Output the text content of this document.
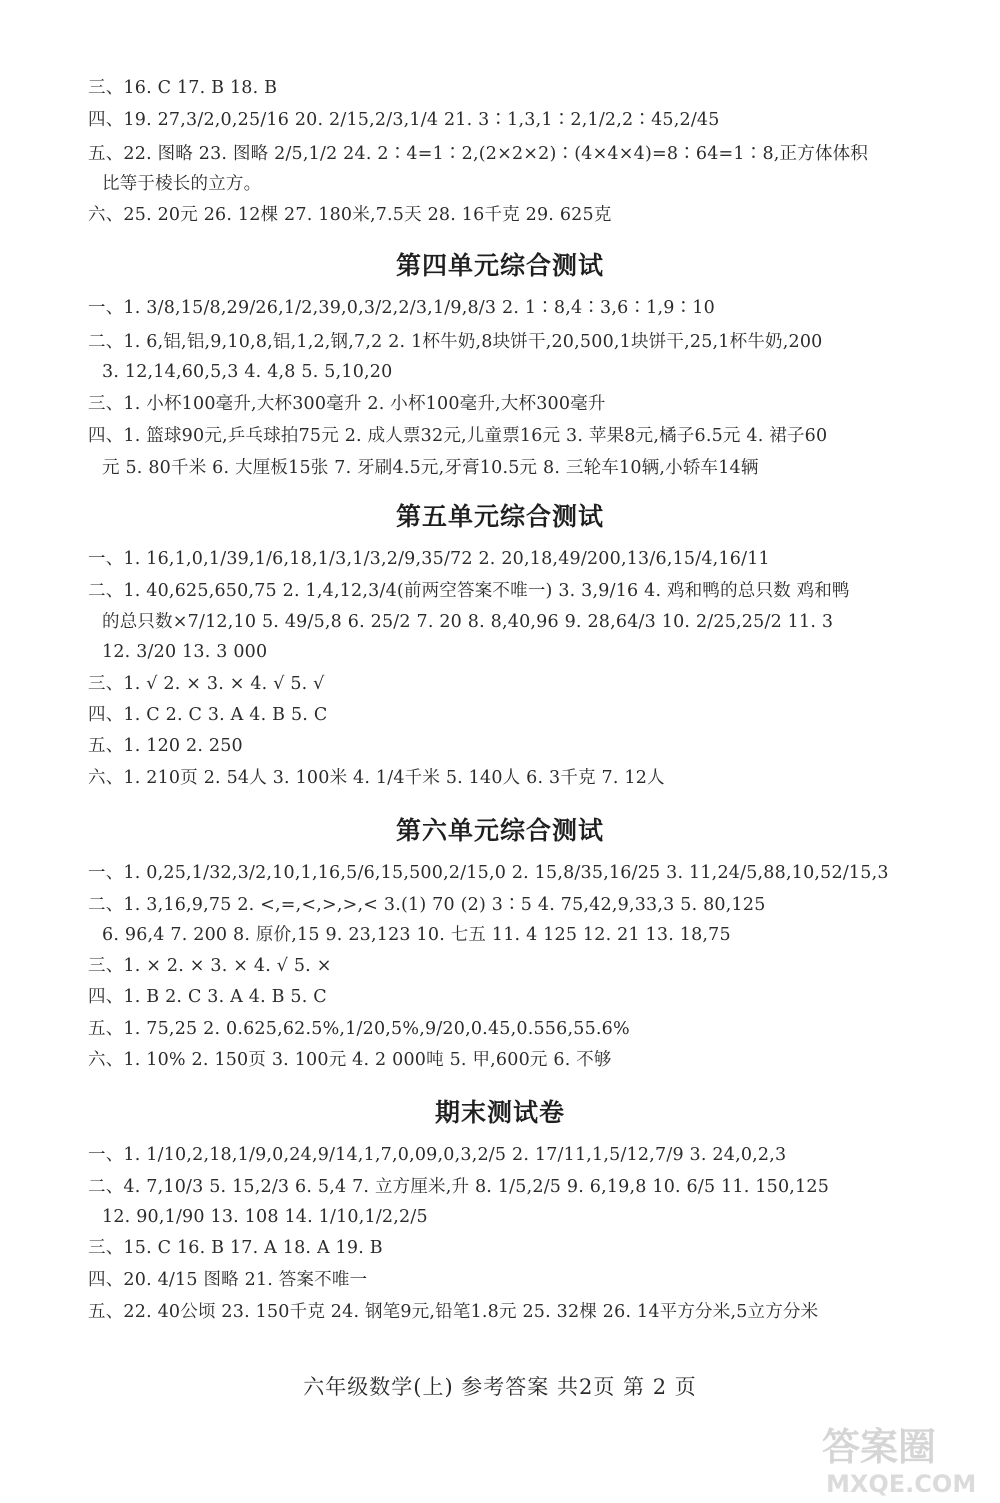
三、16. C 17. B 18. B
四、19. 27,3/2,0,25/16 20. 2/15,2/3,1/4 21. 3∶1,3,1∶2,1/2,2∶45,2/45
五、22. 图略 23. 图略 2/5,1/2 24. 2∶4=1∶2,(2×2×2)∶(4×4×4)=8∶64=1∶8,正方体体积
比等于棱长的立方。
六、25. 20元 26. 12棵 27. 180米,7.5天 28. 16千克 29. 625克
第四单元综合测试
一、1. 3/8,15/8,29/26,1/2,39,0,3/2,2/3,1/9,8/3 2. 1∶8,4∶3,6∶1,9∶10
二、1. 6,铝,铝,9,10,8,铝,1,2,钢,7,2 2. 1杯牛奶,8块饼干,20,500,1块饼干,25,1杯牛奶,200
3. 12,14,60,5,3 4. 4,8 5. 5,10,20
三、1. 小杯100毫升,大杯300毫升 2. 小杯100毫升,大杯300毫升
四、1. 篮球90元,乒乓球拍75元 2. 成人票32元,儿童票16元 3. 苹果8元,橘子6.5元 4. 裙子60
元 5. 80千米 6. 大厘板15张 7. 牙刷4.5元,牙膏10.5元 8. 三轮车10辆,小轿车14辆
第五单元综合测试
一、1. 16,1,0,1/39,1/6,18,1/3,1/3,2/9,35/72 2. 20,18,49/200,13/6,15/4,16/11
二、1. 40,625,650,75 2. 1,4,12,3/4(前两空答案不唯一) 3. 3,9/16 4. 鸡和鸭的总只数 鸡和鸭
的总只数×7/12,10 5. 49/5,8 6. 25/2 7. 20 8. 8,40,96 9. 28,64/3 10. 2/25,25/2 11. 3
12. 3/20 13. 3 000
三、1. √ 2. × 3. × 4. √ 5. √
四、1. C 2. C 3. A 4. B 5. C
五、1. 120 2. 250
六、1. 210页 2. 54人 3. 100米 4. 1/4千米 5. 140人 6. 3千克 7. 12人
第六单元综合测试
一、1. 0,25,1/32,3/2,10,1,16,5/6,15,500,2/15,0 2. 15,8/35,16/25 3. 11,24/5,88,10,52/15,3
二、1. 3,16,9,75 2. <,=,<,>,>,< 3.(1) 70 (2) 3∶5 4. 75,42,9,33,3 5. 80,125
6. 96,4 7. 200 8. 原价,15 9. 23,123 10. 七五 11. 4 125 12. 21 13. 18,75
三、1. × 2. × 3. × 4. √ 5. ×
四、1. B 2. C 3. A 4. B 5. C
五、1. 75,25 2. 0.625,62.5%,1/20,5%,9/20,0.45,0.556,55.6%
六、1. 10% 2. 150页 3. 100元 4. 2 000吨 5. 甲,600元 6. 不够
期末测试卷
一、1. 1/10,2,18,1/9,0,24,9/14,1,7,0,09,0,3,2/5 2. 17/11,1,5/12,7/9 3. 24,0,2,3
二、4. 7,10/3 5. 15,2/3 6. 5,4 7. 立方厘米,升 8. 1/5,2/5 9. 6,19,8 10. 6/5 11. 150,125
12. 90,1/90 13. 108 14. 1/10,1/2,2/5
三、15. C 16. B 17. A 18. A 19. B
四、20. 4/15 图略 21. 答案不唯一
五、22. 40公顷 23. 150千克 24. 钢笔9元,铅笔1.8元 25. 32棵 26. 14平方分米,5立方分米
六年级数学(上) 参考答案 共2页 第 2 页
答案圈
MXQE.COM
